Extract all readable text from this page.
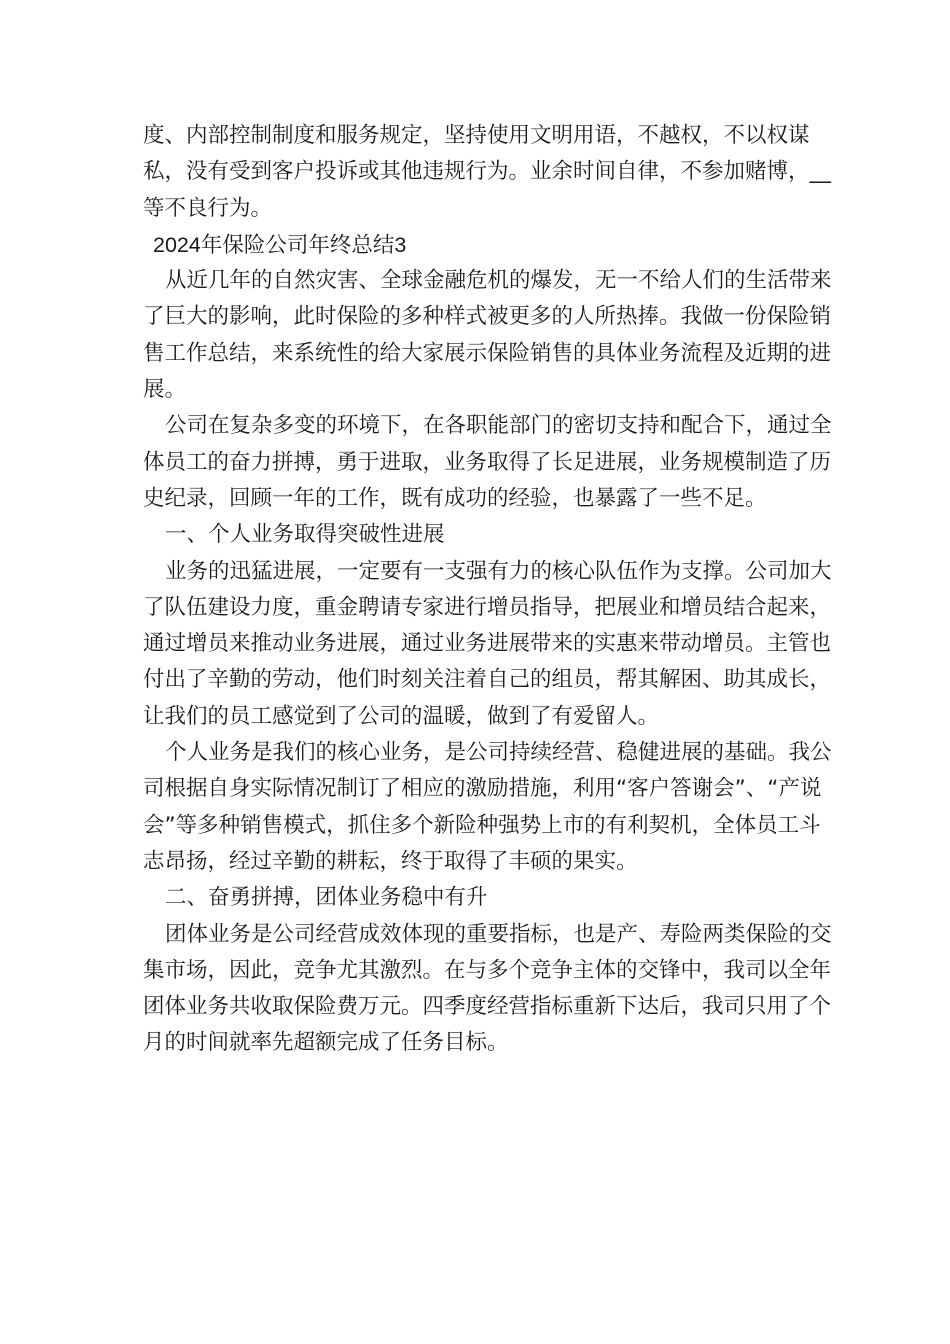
度、内部控制制度和服务规定，坚持使用文明用语，不越权，不以权谋私，没有受到客户投诉或其他违规行为。业余时间自律，不参加赌博，__等不良行为。

2024年保险公司年终总结3

从近几年的自然灾害、全球金融危机的爆发，无一不给人们的生活带来了巨大的影响，此时保险的多种样式被更多的人所热捧。我做一份保险销售工作总结，来系统性的给大家展示保险销售的具体业务流程及近期的进展。

公司在复杂多变的环境下，在各职能部门的密切支持和配合下，通过全体员工的奋力拼搏，勇于进取，业务取得了长足进展，业务规模制造了历史纪录，回顾一年的工作，既有成功的经验，也暴露了一些不足。

一、个人业务取得突破性进展

业务的迅猛进展，一定要有一支强有力的核心队伍作为支撑。公司加大了队伍建设力度，重金聘请专家进行增员指导，把展业和增员结合起来，通过增员来推动业务进展，通过业务进展带来的实惠来带动增员。主管也付出了辛勤的劳动，他们时刻关注着自己的组员，帮其解困、助其成长，让我们的员工感觉到了公司的温暖，做到了有爱留人。

个人业务是我们的核心业务，是公司持续经营、稳健进展的基础。我公司根据自身实际情况制订了相应的激励措施，利用“客户答谢会”、“产说会”等多种销售模式，抓住多个新险种强势上市的有利契机，全体员工斗志昂扬，经过辛勤的耕耘，终于取得了丰硕的果实。

二、奋勇拼搏，团体业务稳中有升

团体业务是公司经营成效体现的重要指标，也是产、寿险两类保险的交集市场，因此，竞争尤其激烈。在与多个竞争主体的交锋中，我司以全年团体业务共收取保险费万元。四季度经营指标重新下达后，我司只用了个月的时间就率先超额完成了任务目标。
